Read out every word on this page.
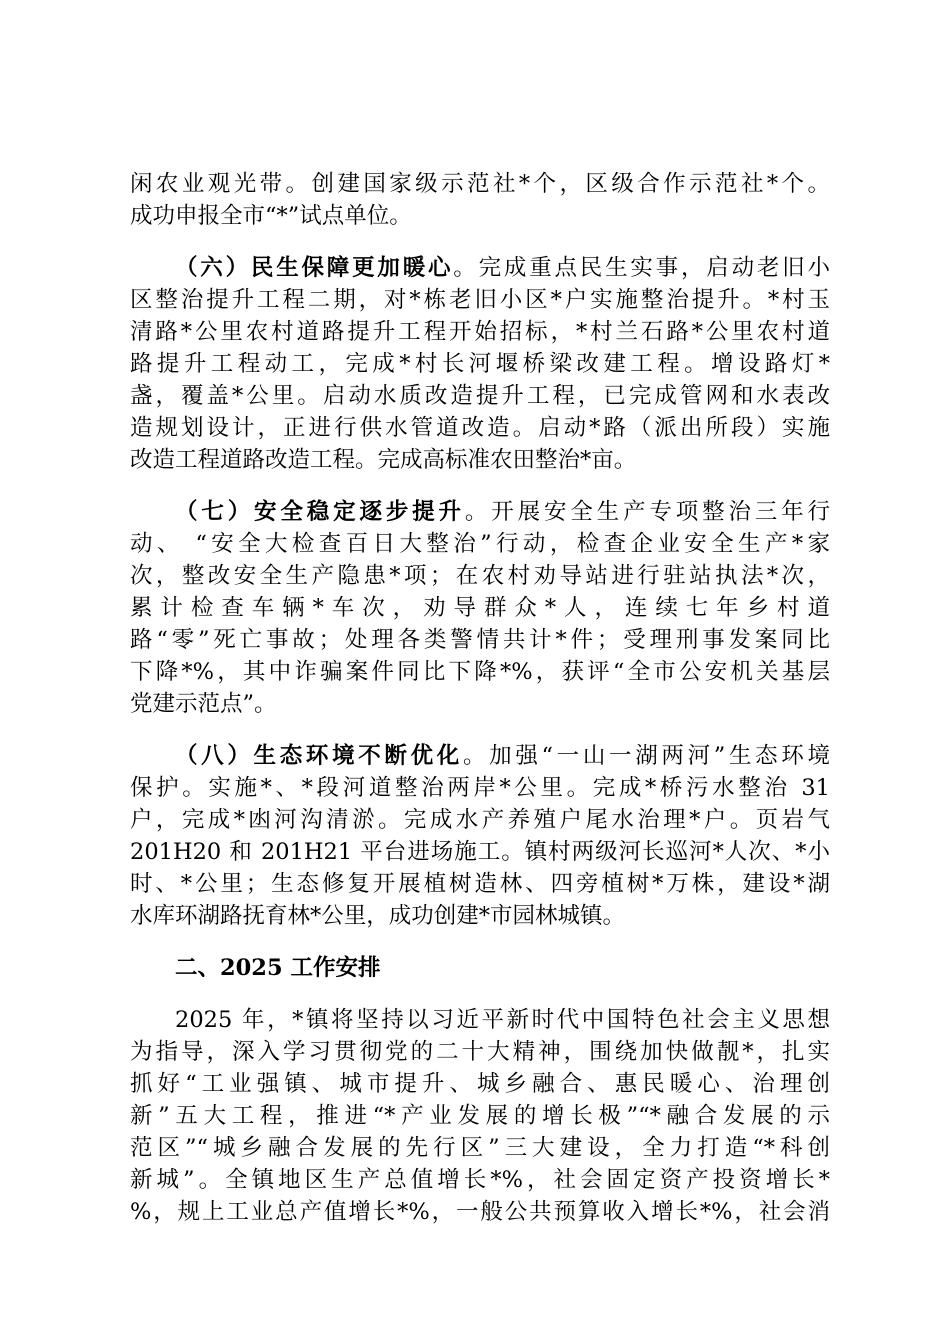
闲农业观光带。创建国家级示范社*个，区级合作示范社*个。
成功申报全市“*”试点单位。
（六）民生保障更加暖心。完成重点民生实事，启动老旧小
区整治提升工程二期，对*栋老旧小区*户实施整治提升。*村玉
清路*公里农村道路提升工程开始招标，*村兰石路*公里农村道
路提升工程动工，完成*村长河堰桥梁改建工程。增设路灯*
盏，覆盖*公里。启动水质改造提升工程，已完成管网和水表改
造规划设计，正进行供水管道改造。启动*路（派出所段）实施
改造工程道路改造工程。完成高标准农田整治*亩。
（七）安全稳定逐步提升。开展安全生产专项整治三年行
动、 “安全大检查百日大整治”行动，检查企业安全生产*家
次，整改安全生产隐患*项；在农村劝导站进行驻站执法*次，
累计检查车辆*车次，劝导群众*人，连续七年乡村道
路“零”死亡事故；处理各类警情共计*件；受理刑事发案同比
下降*%，其中诈骗案件同比下降*%，获评“全市公安机关基层
党建示范点”。
（八）生态环境不断优化。加强“一山一湖两河”生态环境
保护。实施*、*段河道整治两岸*公里。完成*桥污水整治 31
户，完成*凼河沟清淤。完成水产养殖户尾水治理*户。页岩气
201H20 和 201H21 平台进场施工。镇村两级河长巡河*人次、*小
时、*公里；生态修复开展植树造林、四旁植树*万株，建设*湖
水库环湖路抚育林*公里，成功创建*市园林城镇。
二、2025 工作安排
2025 年，*镇将坚持以习近平新时代中国特色社会主义思想
为指导，深入学习贯彻党的二十大精神，围绕加快做靓*，扎实
抓好“工业强镇、城市提升、城乡融合、惠民暖心、治理创
新”五大工程，推进“*产业发展的增长极”“*融合发展的示
范区”“城乡融合发展的先行区”三大建设，全力打造“*科创
新城”。全镇地区生产总值增长*%，社会固定资产投资增长*
%，规上工业总产值增长*%，一般公共预算收入增长*%，社会消
